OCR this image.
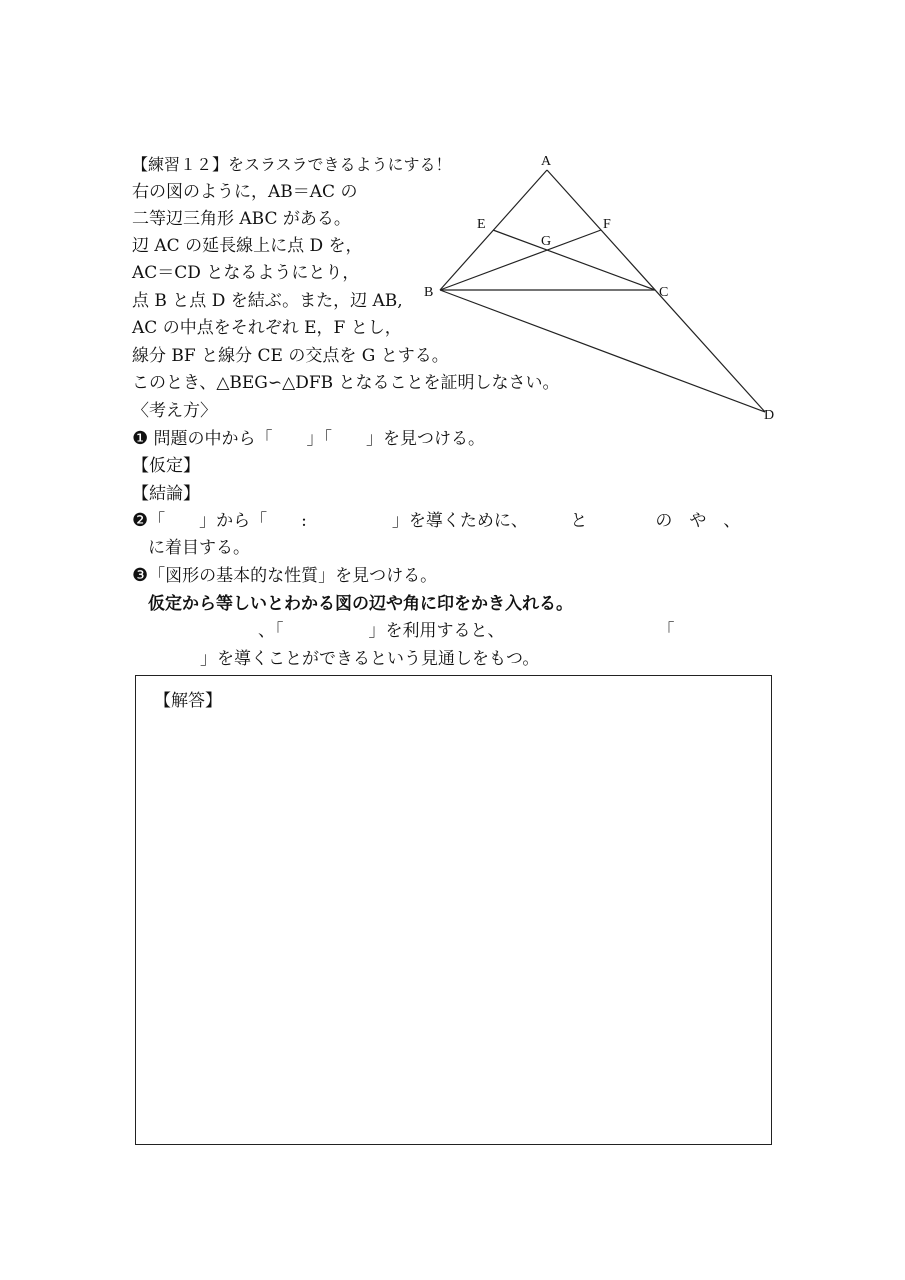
【練習１２】をスラスラできるようにする！
右の図のように，AB＝AC の
二等辺三角形 ABC がある。
辺 AC の延長線上に点 D を，
AC＝CD となるようにとり，
点 B と点 D を結ぶ。また，辺 AB,
AC の中点をそれぞれ E，F とし，
線分 BF と線分 CE の交点を G とする。
このとき、△BEG∽△DFB となることを証明しなさい。
A
E	F
G
B	C
D
〈考え方〉
❶ 問題の中から「　　」「　　」を見つける。
【仮定】
【結論】
❷「　　」から「　　:　　　　　」を導くために、　　　と　　　　の　や　、
に着目する。
❸「図形の基本的な性質」を見つける。
仮定から等しいとわかる図の辺や角に印をかき入れる。
、「　　　　　」を利用すると、　　　　　　　　　　「
」を導くことができるという見通しをもつ。
【解答】
